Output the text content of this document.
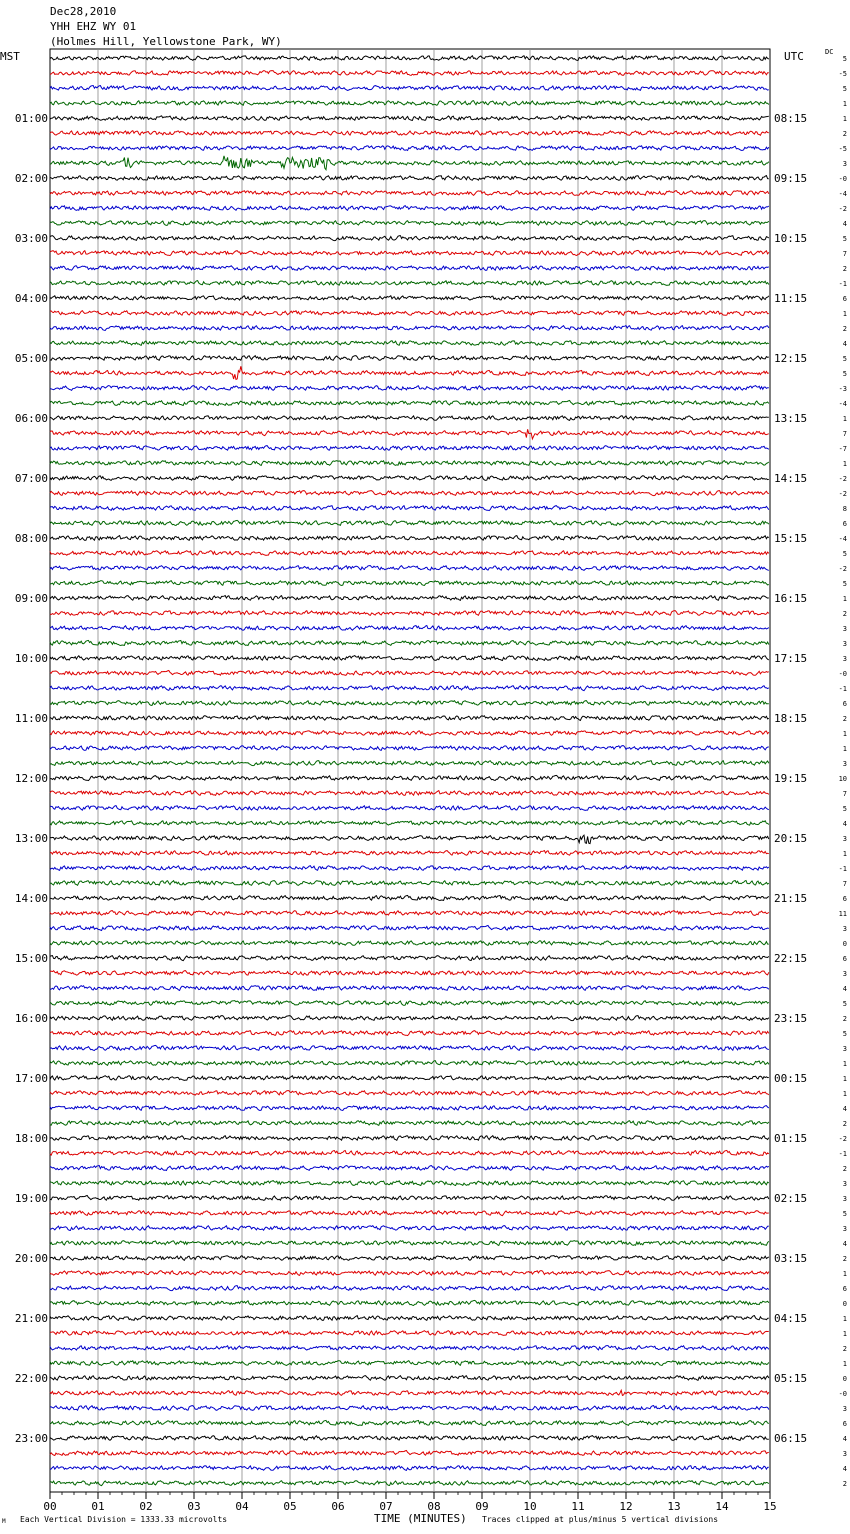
00	01	02	03	04	05	06	07	08	09	10	11	12	13	14	15
5
-5
5
1
1
2
-5
3
-0
-4
-2
4
5
7
2
-1
6
1
2
4
5
5
-3
-4
1
7
-7
1
-2
-2
8
6
-4
5
-2
5
1
2
3
3
3
-0
-1
6
2
1
1
3
10
7
5
4
3
1
-1
7
6
11
3
0
6
3
4
5
2
5
3
1
1
1
4
2
-2
-1
2
3
3
5
3
4
2
1
6
0
1
1
2
1
0
-0
3
6
4
3
4
2
01:00	08:15
02:00	09:15
03:00	10:15
04:00	11:15
05:00	12:15
06:00	13:15
07:00	14:15
08:00	15:15
09:00	16:15
10:00	17:15
11:00	18:15
12:00	19:15
13:00	20:15
14:00	21:15
15:00	22:15
16:00	23:15
17:00	00:15
18:00	01:15
19:00	02:15
20:00	03:15
21:00	04:15
22:00	05:15
23:00	06:15
Dec28,2010
YHH EHZ WY 01
(Holmes Hill, Yellowstone Park, WY)
MST	UTC	DC
M Each Vertical Division = 1333.33 microvolts	TIME (MINUTES) Traces clipped at plus/minus 5 vertical divisions
